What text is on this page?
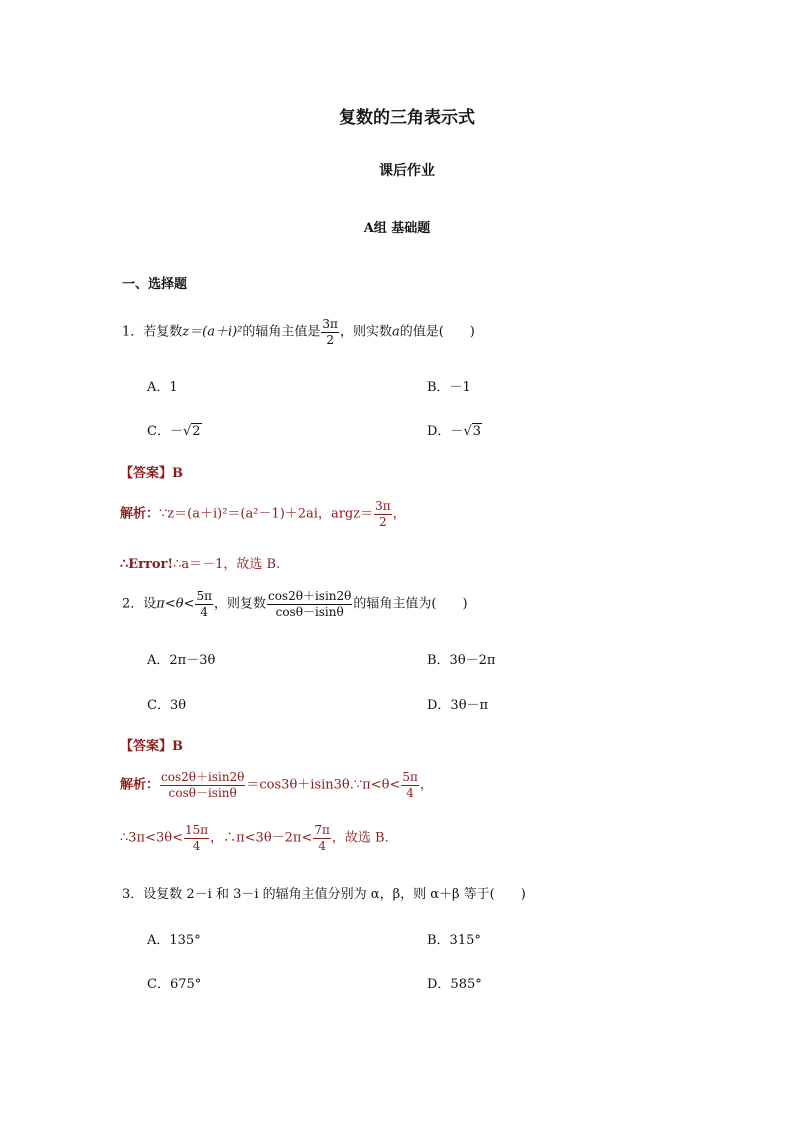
复数的三角表示式
课后作业
A组 基础题
一、选择题
1．若复数z＝(a＋i)²的辐角主值是 $\frac{3\pi}{2}$ ，则实数a的值是(　　)
A．1	B．－1
C．－√2	D．－√3
【答案】B
解析：∵z＝(a＋i)²＝(a²－1)＋2ai，argz＝ $\frac{3\pi}{2}$ ，
∴Error!∴a＝－1，故选 B.
2．设$\pi<\theta< \frac{5\pi}{4}$ ，则复数 $\frac{\cos 2\theta+isin2\theta}{\cos\theta-isin\theta}$ 的辐角主值为(　　)
A．2π－3θ	B．3θ－2π
C．3θ	D．3θ－π
【答案】B
解析： $\frac{\cos 2\theta+isin2\theta}{\cos\theta-isin\theta}$ ＝cos3θ＋isin3θ.∵π<θ< $\frac{5\pi}{4}$ ，
∴3π<3θ< $\frac{15\pi}{4}$ ，∴π<3θ－2π< $\frac{7\pi}{4}$ ，故选 B.
3．设复数 2－i 和 3－i 的辐角主值分别为 α，β，则 α＋β 等于(　　)
A．135°	B．315°
C．675°	D．585°
